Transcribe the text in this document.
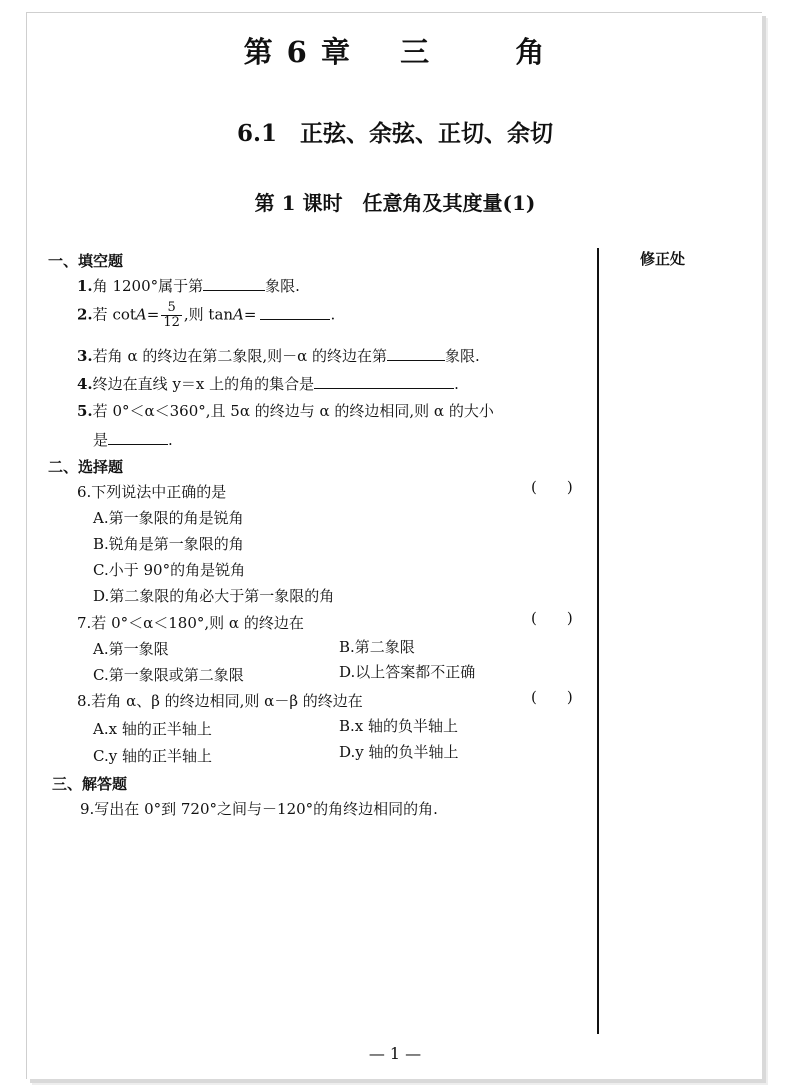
第 6 章 三	角
6.1　正弦、余弦、正切、余切
第 1 课时　任意角及其度量(1)
修正处
一、填空题
1.角 1200°属于第	象限.
2.若 $\cot A= \frac{5}{12}$ ,则 tanA=	.
3.若角 α 的终边在第二象限,则－α 的终边在第	象限.
4.终边在直线 y＝x 上的角的集合是	.
5.若 0°＜α＜360°,且 5α 的终边与 α 的终边相同,则 α 的大小
是	.
二、选择题
6.下列说法中正确的是	(　　)
A.第一象限的角是锐角
B.锐角是第一象限的角
C.小于 90°的角是锐角
D.第二象限的角必大于第一象限的角
7.若 0°＜α＜180°,则 α 的终边在	(　　)
A.第一象限	B.第二象限
C.第一象限或第二象限	D.以上答案都不正确
8.若角 α、β 的终边相同,则 α－β 的终边在	(　　)
A.x 轴的正半轴上	B.x 轴的负半轴上
C.y 轴的正半轴上	D.y 轴的负半轴上
三、解答题
9.写出在 0°到 720°之间与－120°的角终边相同的角.
— 1 —
